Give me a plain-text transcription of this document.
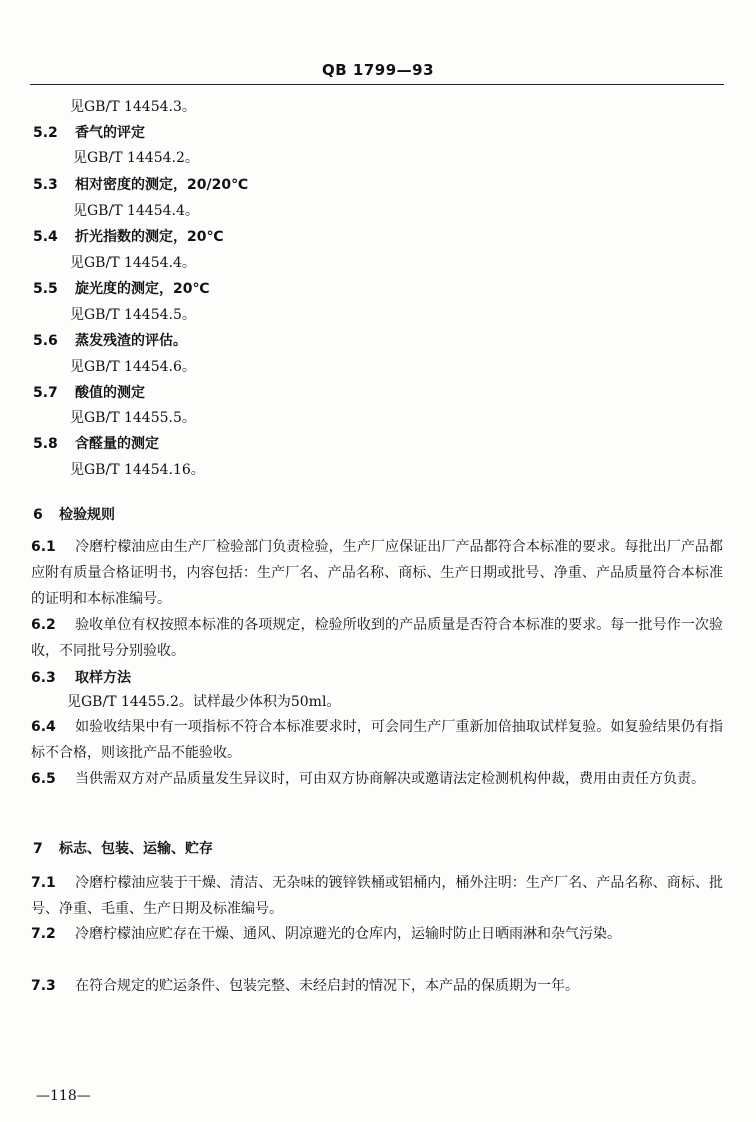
QB 1799—93
见GB/T 14454.3。
5.2 香气的评定
见GB/T 14454.2。
5.3 相对密度的测定，20/20℃
见GB/T 14454.4。
5.4 折光指数的测定，20℃
见GB/T 14454.4。
5.5 旋光度的测定，20℃
见GB/T 14454.5。
5.6 蒸发残渣的评估。
见GB/T 14454.6。
5.7 酸值的测定
见GB/T 14455.5。
5.8 含醛量的测定
见GB/T 14454.16。
6 检验规则
6.1 冷磨柠檬油应由生产厂检验部门负责检验，生产厂应保证出厂产品都符合本标准的要求。每批出厂产品都应附有质量合格证明书，内容包括：生产厂名、产品名称、商标、生产日期或批号、净重、产品质量符合本标准的证明和本标准编号。
6.2 验收单位有权按照本标准的各项规定，检验所收到的产品质量是否符合本标准的要求。每一批号作一次验收，不同批号分别验收。
6.3 取样方法
见GB/T 14455.2。试样最少体积为50ml。
6.4 如验收结果中有一项指标不符合本标准要求时，可会同生产厂重新加倍抽取试样复验。如复验结果仍有指标不合格，则该批产品不能验收。
6.5 当供需双方对产品质量发生异议时，可由双方协商解决或邀请法定检测机构仲裁，费用由责任方负责。
7 标志、包装、运输、贮存
7.1 冷磨柠檬油应装于干燥、清洁、无杂味的镀锌铁桶或铝桶内，桶外注明：生产厂名、产品名称、商标、批号、净重、毛重、生产日期及标准编号。
7.2 冷磨柠檬油应贮存在干燥、通风、阴凉避光的仓库内，运输时防止日晒雨淋和杂气污染。
7.3 在符合规定的贮运条件、包装完整、未经启封的情况下，本产品的保质期为一年。
—118—
